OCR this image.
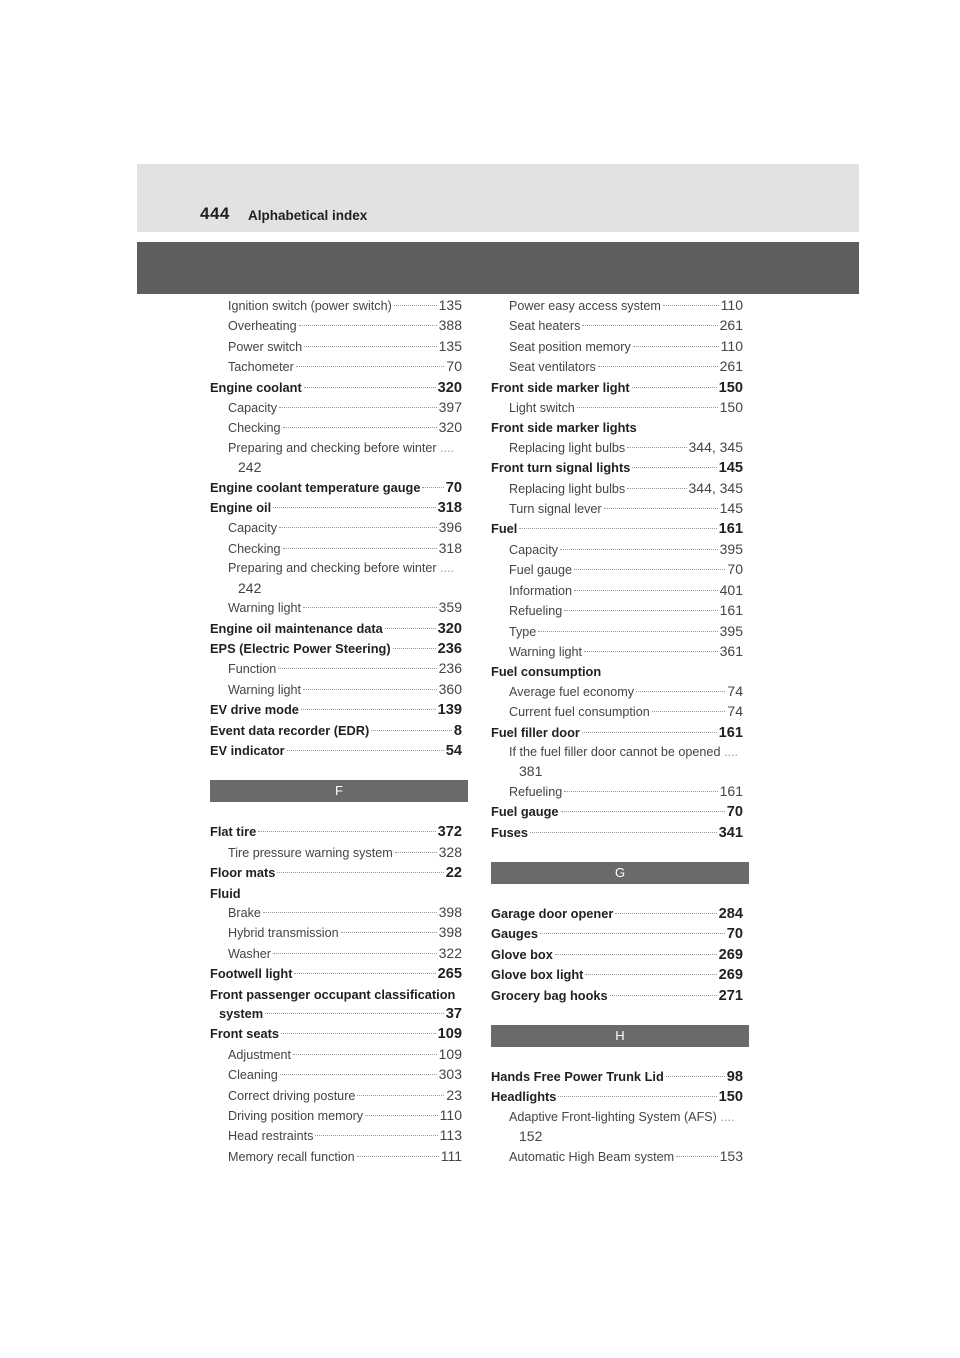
444 Alphabetical index
Ignition switch (power switch)	135
Overheating	388
Power switch	135
Tachometer	70
Engine coolant	320
Capacity	397
Checking	320
Preparing and checking before winter ....
242
Engine coolant temperature gauge 70
Engine oil	318
Capacity	396
Checking	318
Preparing and checking before winter ....
242
Warning light	359
Engine oil maintenance data	320
EPS (Electric Power Steering)	236
Function	236
Warning light	360
EV drive mode	139
Event data recorder (EDR)	8
EV indicator	54
F
Flat tire	372
Tire pressure warning system	328
Floor mats	22
Fluid
Brake	398
Hybrid transmission	398
Washer	322
Footwell light	265
Front passenger occupant classification
system	37
Front seats	109
Adjustment	109
Cleaning	303
Correct driving posture	23
Driving position memory	110
Head restraints	113
Memory recall function	111
Power easy access system	110
Seat heaters	261
Seat position memory	110
Seat ventilators	261
Front side marker light	150
Light switch	150
Front side marker lights
Replacing light bulbs	344, 345
Front turn signal lights	145
Replacing light bulbs	344, 345
Turn signal lever	145
Fuel	161
Capacity	395
Fuel gauge	70
Information	401
Refueling	161
Type	395
Warning light	361
Fuel consumption
Average fuel economy	74
Current fuel consumption	74
Fuel filler door	161
If the fuel filler door cannot be opened ....
381
Refueling	161
Fuel gauge	70
Fuses	341
G
Garage door opener	284
Gauges	70
Glove box	269
Glove box light	269
Grocery bag hooks	271
H
Hands Free Power Trunk Lid	98
Headlights	150
Adaptive Front-lighting System (AFS) ....
152
Automatic High Beam system	153
